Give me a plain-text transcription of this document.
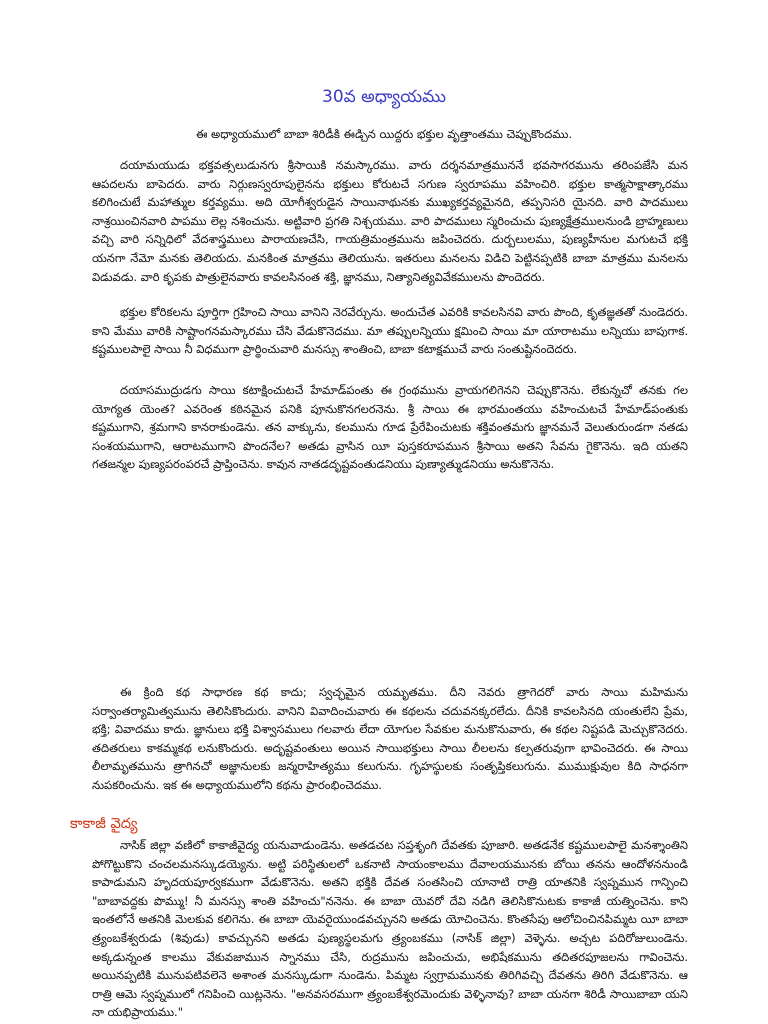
30వ అధ్యాయము
ఈ అధ్యాయములో బాబా శిరిడీకి ఈడ్చిన యిద్దరు భక్తుల వృత్తాంతము చెప్పుకొందము.

దయామయుడు భక్తవత్సలుడునగు శ్రీసాయికి నమస్కారము. వారు దర్శనమాత్రముననే భవసాగరమును తరింపజేసి మన ఆపదలను బాపెదరు. వారు నిర్గుణస్వరూపులైనను భక్తులు కోరుటచే సగుణ స్వరూపము వహించిరి. భక్తుల కాత్మసాక్షాత్కారము కలిగించుటే మహాత్ముల కర్తవ్యము. అది యోగీశ్వరుడైన సాయినాథునకు ముఖ్యకర్తవ్యమైనది, తప్పనిసరి యైనది. వారి పాదములు నాశ్రయించినవారి పాపము లెల్ల నశించును. అట్టివారి ప్రగతి నిశ్చయము. వారి పాదములు స్మరించుచు పుణ్యక్షేత్రములనుండి బ్రాహ్మణులు వచ్చి వారి సన్నిధిలో వేదశాస్త్రములు పారాయణచేసి, గాయత్రిమంత్రమును జపించెదరు. దుర్బలులము, పుణ్యహీనుల మగుటచే భక్తి యనగా నేమో మనకు తెలియదు. మనకింత మాత్రము తెలియును. ఇతరులు మనలను విడిచి పెట్టినప్పటికి బాబా మాత్రము మనలను విడువడు. వారి కృపకు పాత్రులైనవారు కావలసినంత శక్తి, జ్ఞానము, నిత్యానిత్యవివేకములను పొందెదరు.

భక్తుల కోరికలను పూర్తిగా గ్రహించి సాయి వానిని నెరవేర్చును. అందుచేత ఎవరికి కావలసినవి వారు పొంది, కృతజ్ఞతతో నుండెదరు. కాని మేము వారికి సాష్టాంగనమస్కారము చేసి వేడుకొనెదము. మా తప్పులన్నియు క్షమించి సాయి మా యారాటము లన్నియు బాపుగాక. కష్టములపాలై సాయి నీ విధముగా ప్రార్థించువారి మనస్సు శాంతించి, బాబా కటాక్షముచే వారు సంతుష్టినందెదరు.

దయాసముద్రుడగు సాయి కటాక్షించుటచే హేమాడ్‌పంతు ఈ గ్రంథమును వ్రాయగలిగెనని చెప్పుకొనెను. లేకున్నచో తనకు గల యోగ్యత యెంత? ఎవరెంత కఠినమైన పనికి పూనుకొనగలరనెను. శ్రీ సాయి ఈ భారమంతయు వహించుటచే హేమాడ్‌పంతుకు కష్టముగాని, శ్రమగాని కానరాకుండెను. తన వాక్కును, కలమును గూడ ప్రేరేపించుటకు శక్తివంతమగు జ్ఞానమనే వెలుతురుండగా నతడు సంశయముగాని, ఆరాటముగాని పొందనేల? అతడు వ్రాసిన యీ పుస్తకరూపమున శ్రీసాయి అతని సేవను గైకొనెను. ఇది యతని గతజన్మల పుణ్యపరంపరచే ప్రాప్తించెను. కావున నాతడదృష్టవంతుడనియు పుణ్యాత్ముడనియు అనుకొనెను.

ఈ క్రింది కథ సాధారణ కథ కాదు; స్వచ్ఛమైన యమృతము. దీని నెవరు త్రాగెదరో వారు సాయి మహిమను సర్వాంతర్యామిత్వమును తెలిసికొందురు. వానిని వివాదించువారు ఈ కథలను చదువనక్కరలేదు. దీనికి కావలసినది యంతులేని ప్రేమ, భక్తి; వివాదము కాదు. జ్ఞానులు భక్తి విశ్వాసములు గలవారు లేదా యోగుల సేవకుల మనుకొనువారు, ఈ కథల నిష్టపడి మెచ్చుకొనెదరు. తదితరులు కాకమ్మకథ లనుకొందురు. అదృష్టవంతులు అయిన సాయిభక్తులు సాయి లీలలను కల్పతరువుగా భావించెదరు. ఈ సాయి లీలామృతమును త్రాగినచో అజ్ఞానులకు జన్మరాహిత్యము కలుగును. గృహస్థులకు సంతృప్తికలుగును. ముముక్షువుల కిది సాధనగా నుపకరించును. ఇక ఈ అధ్యాయములోని కథను ప్రారంభించెదము.

కాకాజీ వైద్య

నాసిక్ జిల్లా వణిలో కాకాజీవైద్య యనువాడుండెను. అతడచట సప్తశృంగి దేవతకు పూజారి. అతడనేక కష్టములపాలై మనశ్శాంతిని పోగొట్టుకొని చంచలమనస్కుడయ్యెను. అట్టి పరిస్థితులలో ఒకనాటి సాయంకాలము దేవాలయమునకు బోయి తనను ఆందోళననుండి కాపాడుమని హృదయపూర్వకముగా వేడుకొనెను. అతని భక్తికి దేవత సంతసించి యానాటి రాత్రి యాతనికి స్వప్నమున గాన్పించి "బాబావద్దకు పొమ్ము! నీ మనస్సు శాంతి వహించు"ననెను. ఈ బాబా యెవరో దేవి నడిగి తెలిసికొనుటకు కాకాజీ యత్నించెను. కాని ఇంతలోనే అతనికి మెలకువ కలిగెను. ఈ బాబా యెవరైయుండవచ్చునని అతడు యోచించెను. కొంతసేపు ఆలోచించినపిమ్మట యీ బాబా త్ర్యంబకేశ్వరుడు (శివుడు) కావచ్చునని అతడు పుణ్యస్థలమగు త్ర్యంబకము (నాసిక్ జిల్లా) వెళ్ళెను. అచ్చట పదిరోజులుండెను. అక్కడున్నంత కాలము వేకువజామున స్నానము చేసి, రుద్రమును జపించుచు, అభిషేకమును తదితరపూజలను గావించెను. అయినప్పటికి మునుపటివలెనె అశాంత మనస్కుడుగా నుండెను. పిమ్మట స్వగ్రామమునకు తిరిగివచ్చి దేవతను తిరిగి వేడుకొనెను. ఆ రాత్రి ఆమె స్వప్నములో గనిపించి యిట్లనెను. "అనవసరముగా త్ర్యంబకేశ్వరమెందుకు వెళ్ళినావు? బాబా యనగా శిరిడీ సాయిబాబా యని నా యభిప్రాయము."
